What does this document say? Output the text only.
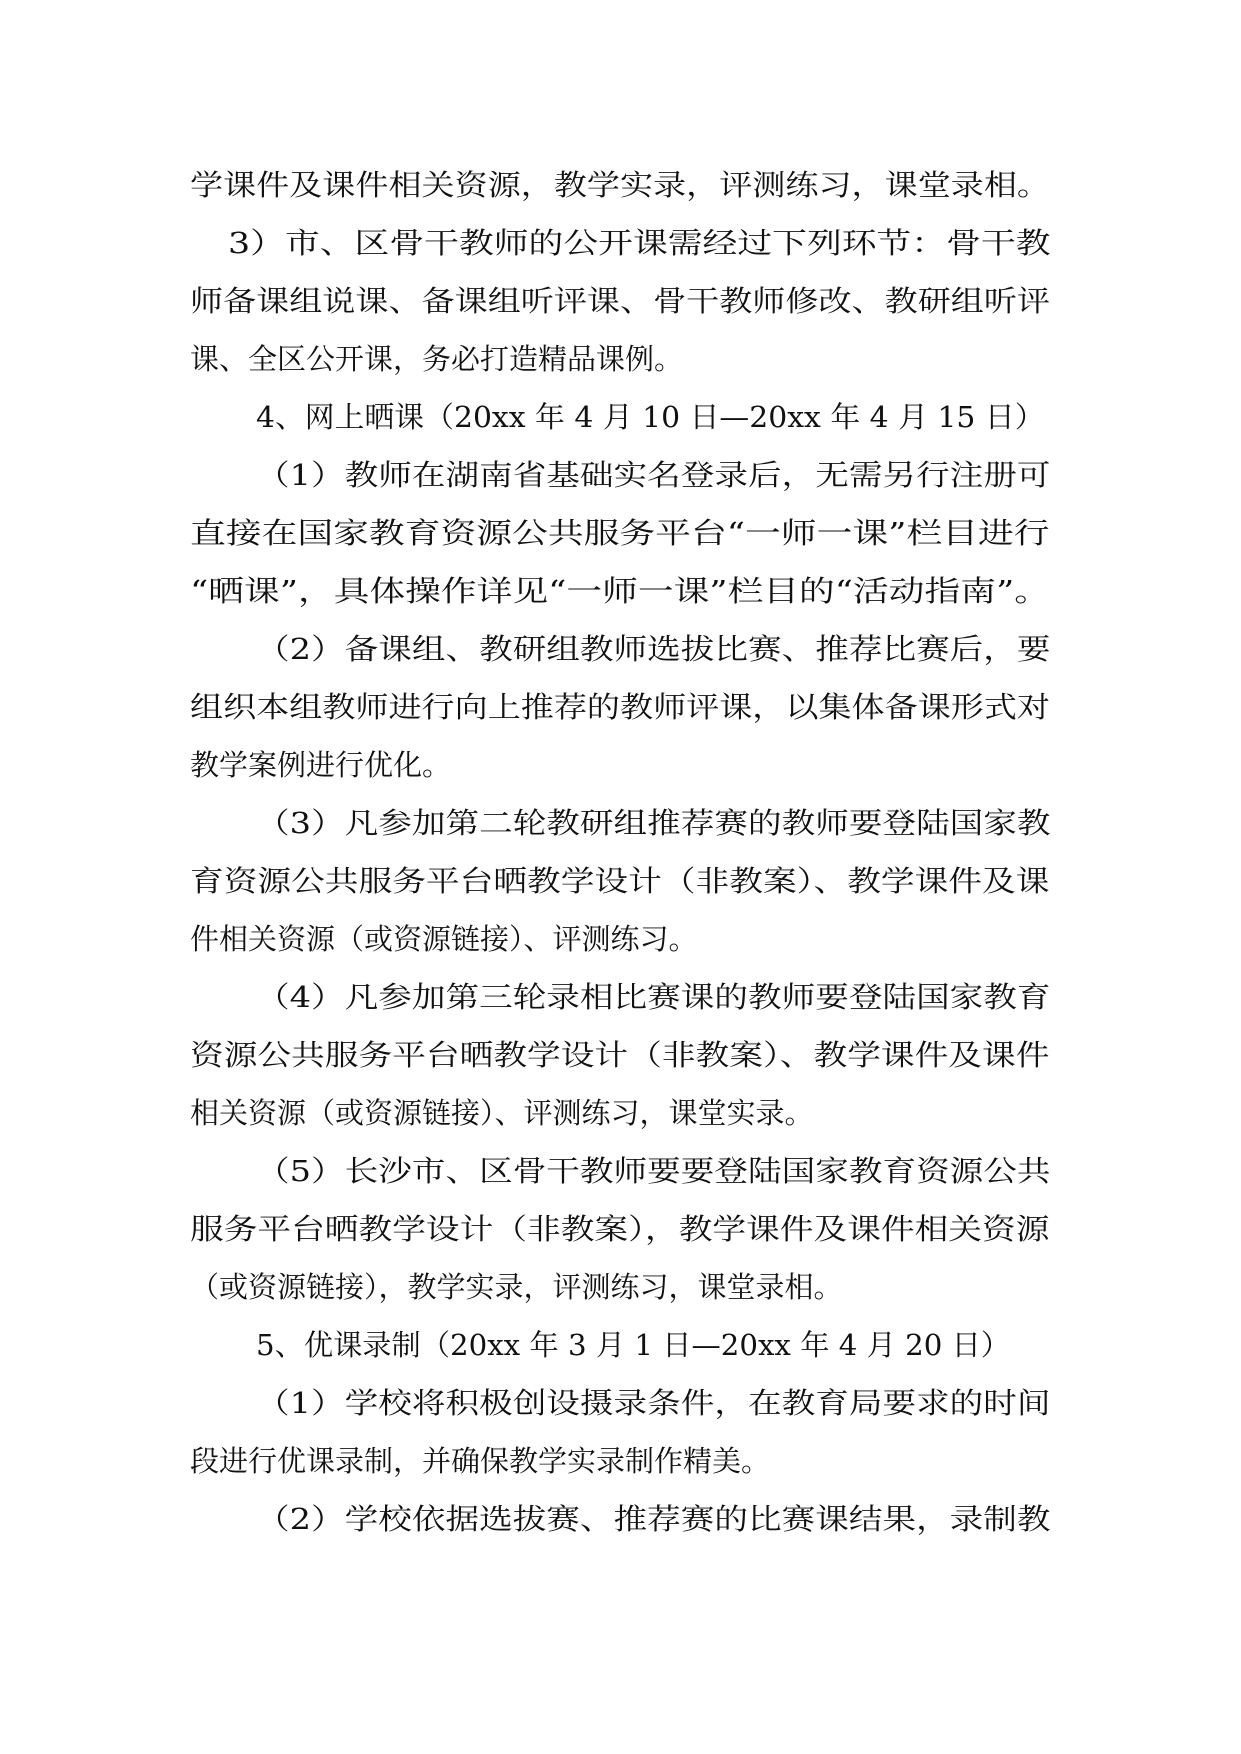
学课件及课件相关资源，教学实录，评测练习，课堂录相。

3）市、区骨干教师的公开课需经过下列环节：骨干教

师备课组说课、备课组听评课、骨干教师修改、教研组听评

课、全区公开课，务必打造精品课例。

4、网上晒课（20xx 年 4 月 10 日—20xx 年 4 月 15 日）

（1）教师在湖南省基础实名登录后，无需另行注册可

直接在国家教育资源公共服务平台“一师一课”栏目进行

“晒课”，具体操作详见“一师一课”栏目的“活动指南”。

（2）备课组、教研组教师选拔比赛、推荐比赛后，要

组织本组教师进行向上推荐的教师评课，以集体备课形式对

教学案例进行优化。

（3）凡参加第二轮教研组推荐赛的教师要登陆国家教

育资源公共服务平台晒教学设计（非教案）、教学课件及课

件相关资源（或资源链接）、评测练习。

（4）凡参加第三轮录相比赛课的教师要登陆国家教育

资源公共服务平台晒教学设计（非教案）、教学课件及课件

相关资源（或资源链接）、评测练习，课堂实录。

（5）长沙市、区骨干教师要要登陆国家教育资源公共

服务平台晒教学设计（非教案），教学课件及课件相关资源

（或资源链接），教学实录，评测练习，课堂录相。

5、优课录制（20xx 年 3 月 1 日—20xx 年 4 月 20 日）

（1）学校将积极创设摄录条件，在教育局要求的时间

段进行优课录制，并确保教学实录制作精美。

（2）学校依据选拔赛、推荐赛的比赛课结果，录制教
